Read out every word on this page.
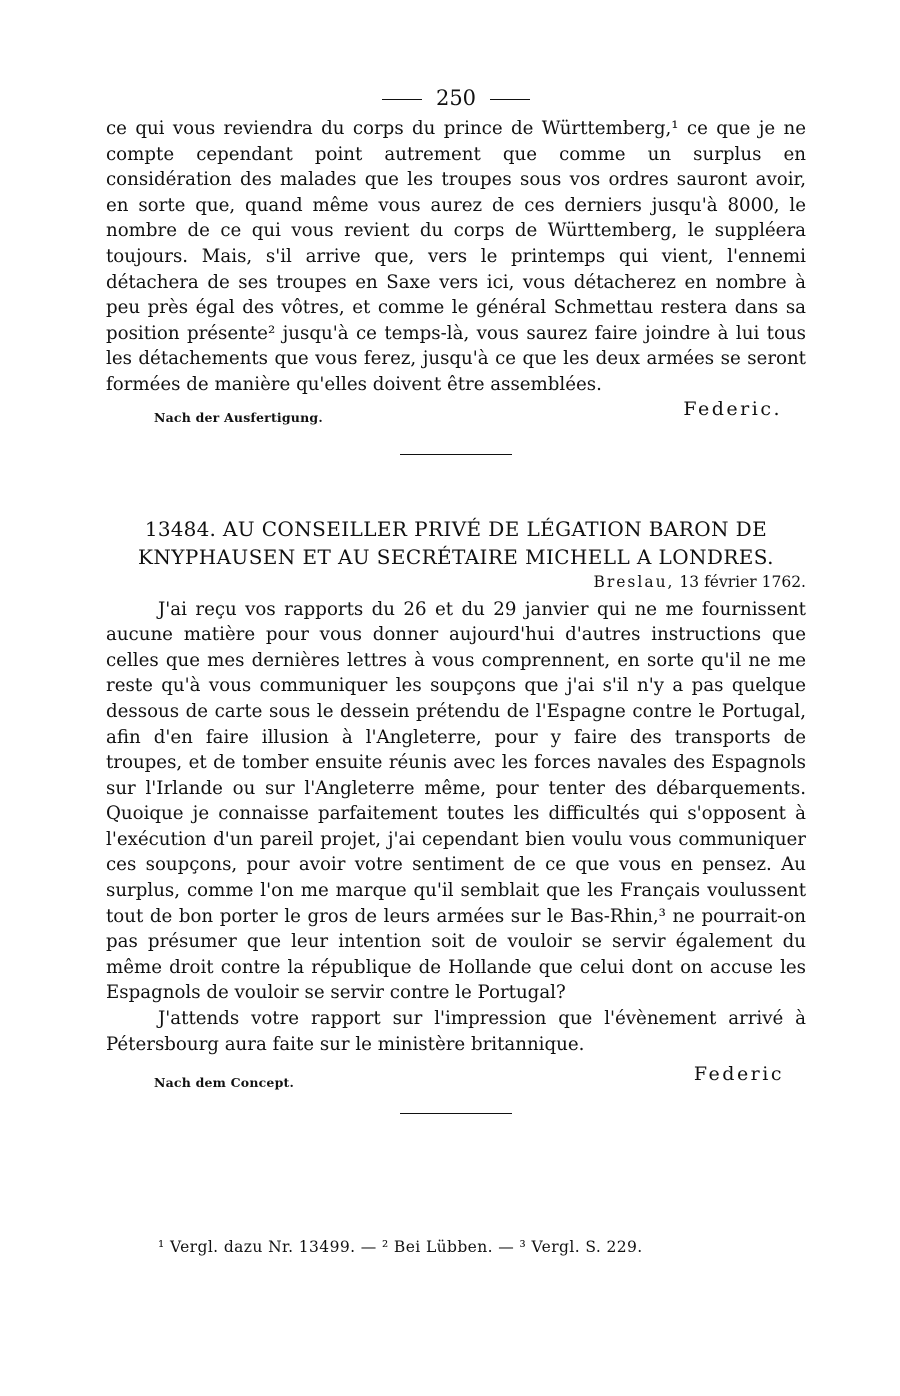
250

ce qui vous reviendra du corps du prince de Württemberg,¹ ce que je ne compte cependant point autrement que comme un surplus en considération des malades que les troupes sous vos ordres sauront avoir, en sorte que, quand même vous aurez de ces derniers jusqu'à 8000, le nombre de ce qui vous revient du corps de Württemberg, le suppléera toujours. Mais, s'il arrive que, vers le printemps qui vient, l'ennemi détachera de ses troupes en Saxe vers ici, vous détacherez en nombre à peu près égal des vôtres, et comme le général Schmettau restera dans sa position présente² jusqu'à ce temps-là, vous saurez faire joindre à lui tous les détachements que vous ferez, jusqu'à ce que les deux armées se seront formées de manière qu'elles doivent être assemblées.

Nach der Ausfertigung.	Federic.

13484. AU CONSEILLER PRIVÉ DE LÉGATION BARON DE
KNYPHAUSEN ET AU SECRÉTAIRE MICHELL A LONDRES.

Breslau, 13 février 1762.

J'ai reçu vos rapports du 26 et du 29 janvier qui ne me fournissent aucune matière pour vous donner aujourd'hui d'autres instructions que celles que mes dernières lettres à vous comprennent, en sorte qu'il ne me reste qu'à vous communiquer les soupçons que j'ai s'il n'y a pas quelque dessous de carte sous le dessein prétendu de l'Espagne contre le Portugal, afin d'en faire illusion à l'Angleterre, pour y faire des transports de troupes, et de tomber ensuite réunis avec les forces navales des Espagnols sur l'Irlande ou sur l'Angleterre même, pour tenter des débarquements. Quoique je connaisse parfaitement toutes les difficultés qui s'opposent à l'exécution d'un pareil projet, j'ai cependant bien voulu vous communiquer ces soupçons, pour avoir votre sentiment de ce que vous en pensez. Au surplus, comme l'on me marque qu'il semblait que les Français voulussent tout de bon porter le gros de leurs armées sur le Bas-Rhin,³ ne pourrait-on pas présumer que leur intention soit de vouloir se servir également du même droit contre la république de Hollande que celui dont on accuse les Espagnols de vouloir se servir contre le Portugal?

J'attends votre rapport sur l'impression que l'évènement arrivé à Pétersbourg aura faite sur le ministère britannique.

Nach dem Concept.	Federic
¹ Vergl. dazu Nr. 13499. — ² Bei Lübben. — ³ Vergl. S. 229.
